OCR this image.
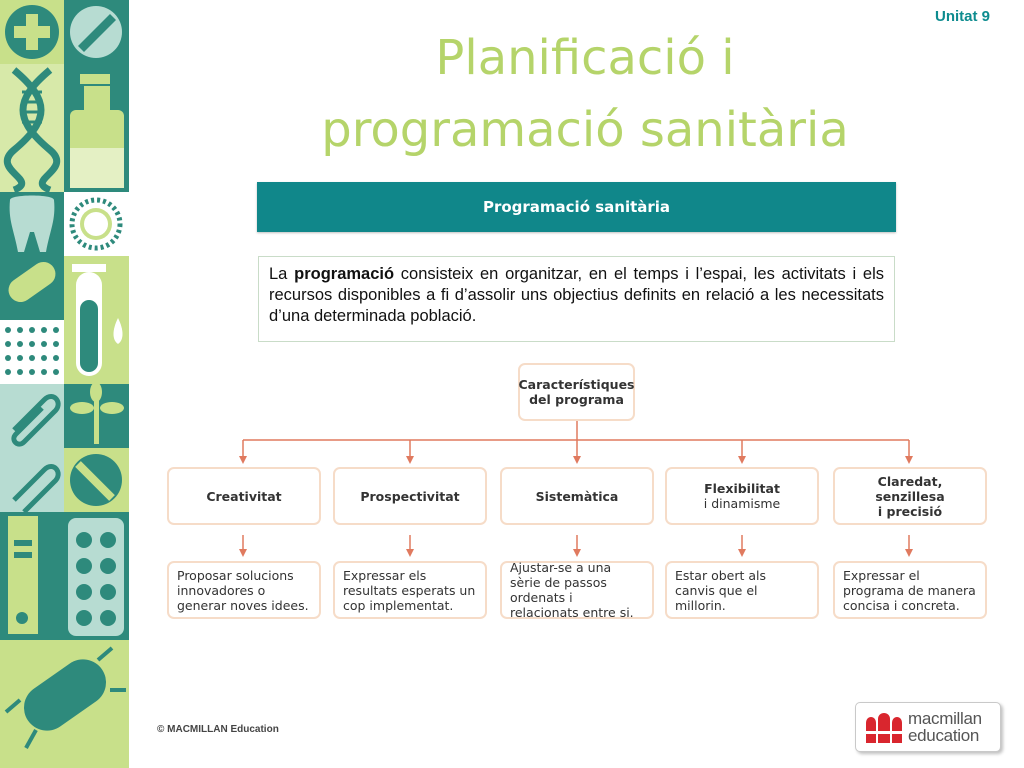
Unitat 9
Planificació i
programació sanitària
Programació sanitària
La programació consisteix en organitzar, en el temps i l’espai, les activitats i els recursos disponibles a fi d’assolir uns objectius definits en relació a les necessitats d’una determinada població.
Característiques
del programa
Creativitat	Prospectivitat	Sistemàtica	Flexibilitat
i dinamisme
Claredat, senzillesa
i precisió
Proposar solucions innovadores o generar noves idees.
Expressar els resultats esperats un cop implementat.
Ajustar-se a una sèrie de passos ordenats i relacionats entre si.
Estar obert als canvis que el millorin.
Expressar el programa de manera concisa i concreta.
© MACMILLAN Education
macmillan
education
